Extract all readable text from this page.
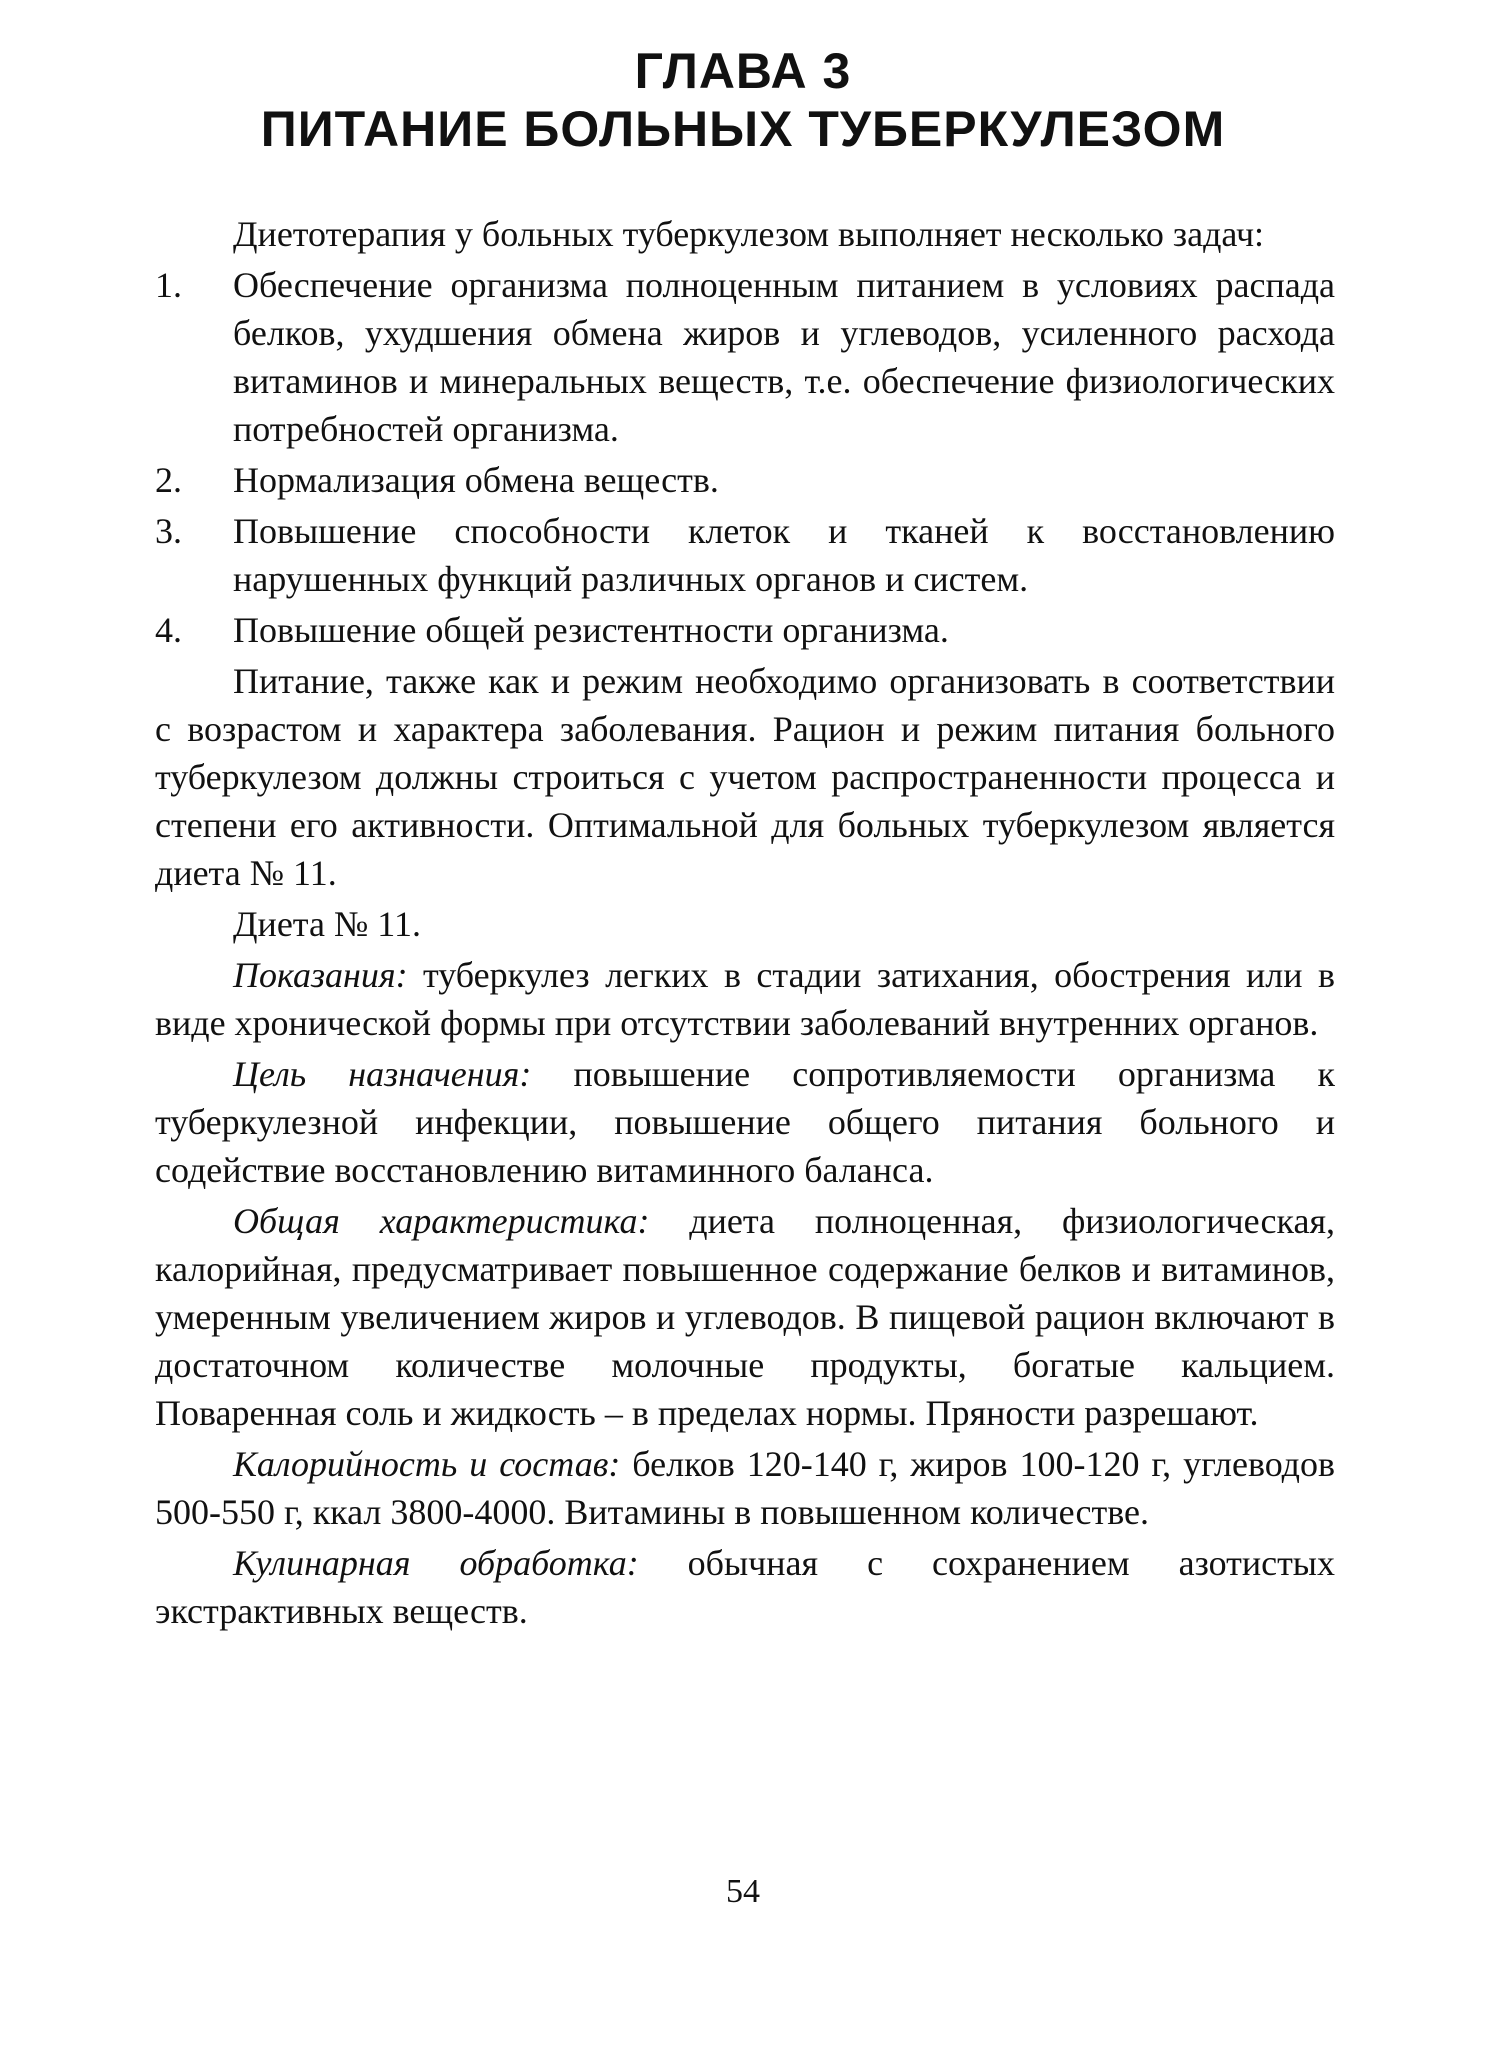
ГЛАВА 3
ПИТАНИЕ БОЛЬНЫХ ТУБЕРКУЛЕЗОМ

Диетотерапия у больных туберкулезом выполняет несколько задач:

1.	Обеспечение организма полноценным питанием в условиях распада белков, ухудшения обмена жиров и углеводов, усиленного расхода витаминов и минеральных веществ, т.е. обеспечение физиологических потребностей организма.
2.	Нормализация обмена веществ.
3.	Повышение способности клеток и тканей к восстановлению нарушенных функций различных органов и систем.
4.	Повышение общей резистентности организма.

Питание, также как и режим необходимо организовать в соответствии с возрастом и характера заболевания. Рацион и режим питания больного туберкулезом должны строиться с учетом распространенности процесса и степени его активности. Оптимальной для больных туберкулезом является диета № 11.

Диета № 11.

Показания: туберкулез легких в стадии затихания, обострения или в виде хронической формы при отсутствии заболеваний внутренних органов.

Цель назначения: повышение сопротивляемости организма к туберкулезной инфекции, повышение общего питания больного и содействие восстановлению витаминного баланса.

Общая характеристика: диета полноценная, физиологическая, калорийная, предусматривает повышенное содержание белков и витаминов, умеренным увеличением жиров и углеводов. В пищевой рацион включают в достаточном количестве молочные продукты, богатые кальцием. Поваренная соль и жидкость – в пределах нормы. Пряности разрешают.

Калорийность и состав: белков 120-140 г, жиров 100-120 г, углеводов 500-550 г, ккал 3800-4000. Витамины в повышенном количестве.

Кулинарная обработка: обычная с сохранением азотистых экстрактивных веществ.

54
